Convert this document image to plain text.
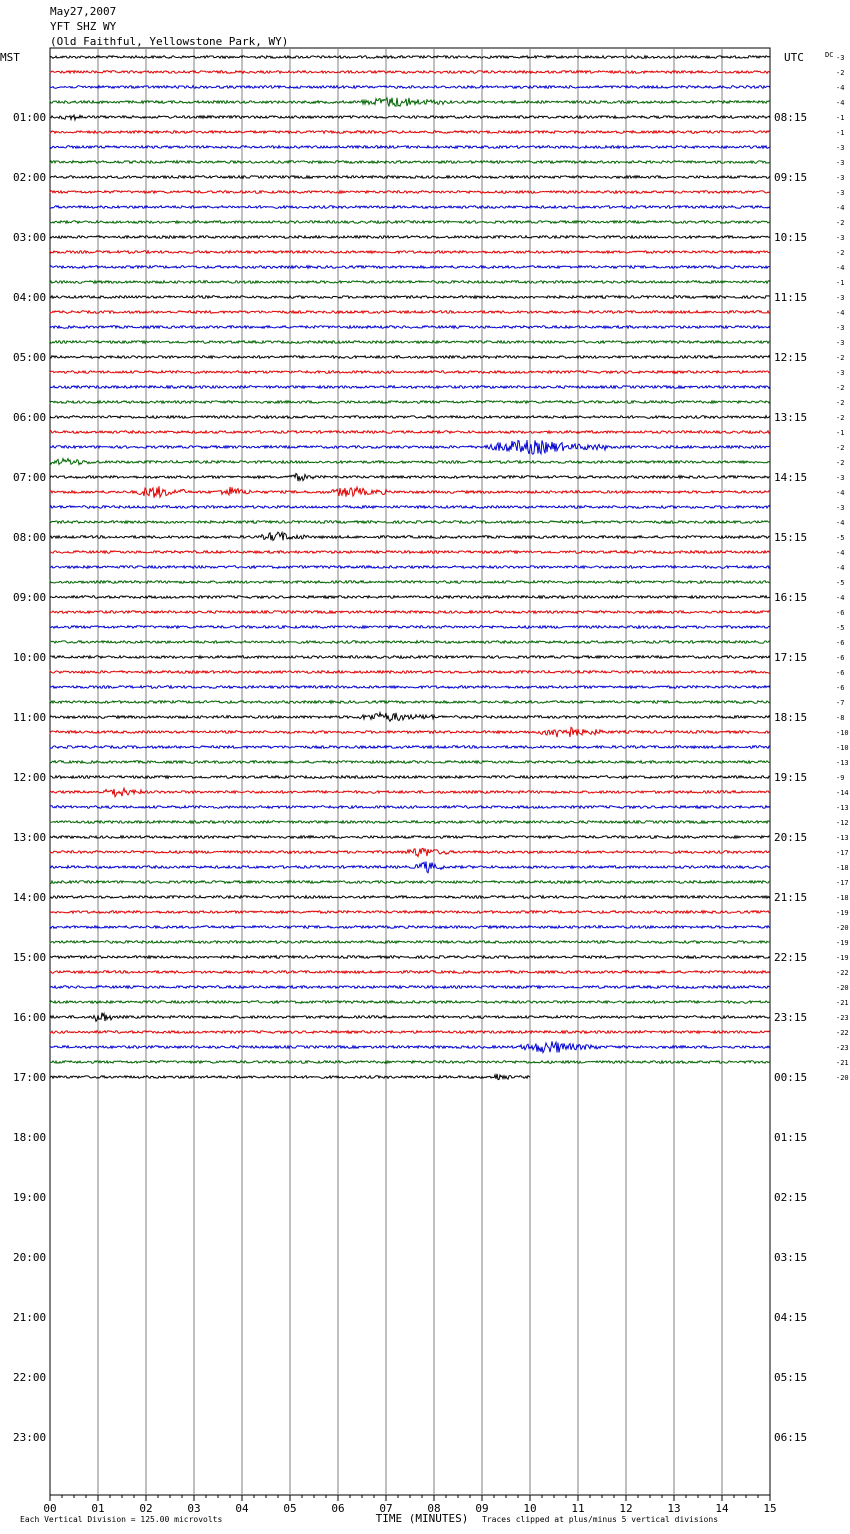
May27,2007
YFT SHZ WY
(Old Faithful, Yellowstone Park, WY)
00	01	02	03	04	05	06	07	08	09	10	11	12	13	14	15
TIME (MINUTES)
MST	UTC	DC
01:00
02:00
03:00
04:00
05:00
06:00
07:00
08:00
09:00
10:00
11:00
12:00
13:00
14:00
15:00
16:00
17:00
18:00
19:00
20:00
21:00
22:00
23:00
08:15
09:15
10:15
11:15
12:15
13:15
14:15
15:15
16:15
17:15
18:15
19:15
20:15
21:15
22:15
23:15
00:15
01:15
02:15
03:15
04:15
05:15
06:15
-3
-2
-4
-4
-1
-1
-3
-3
-3
-3
-4
-2
-3
-2
-4
-1
-3
-4
-3
-3
-2
-3
-2
-2
-2
-1
-2
-2
-3
-4
-3
-4
-5
-4
-4
-5
-4
-6
-5
-6
-6
-6
-6
-7
-8
-10
-10
-13
-9
-14
-13
-12
-13
-17
-18
-17
-18
-19
-20
-19
-19
-22
-20
-21
-23
-22
-23
-21
-20
Each Vertical Division = 125.00 microvolts	Traces clipped at plus/minus 5 vertical divisions
